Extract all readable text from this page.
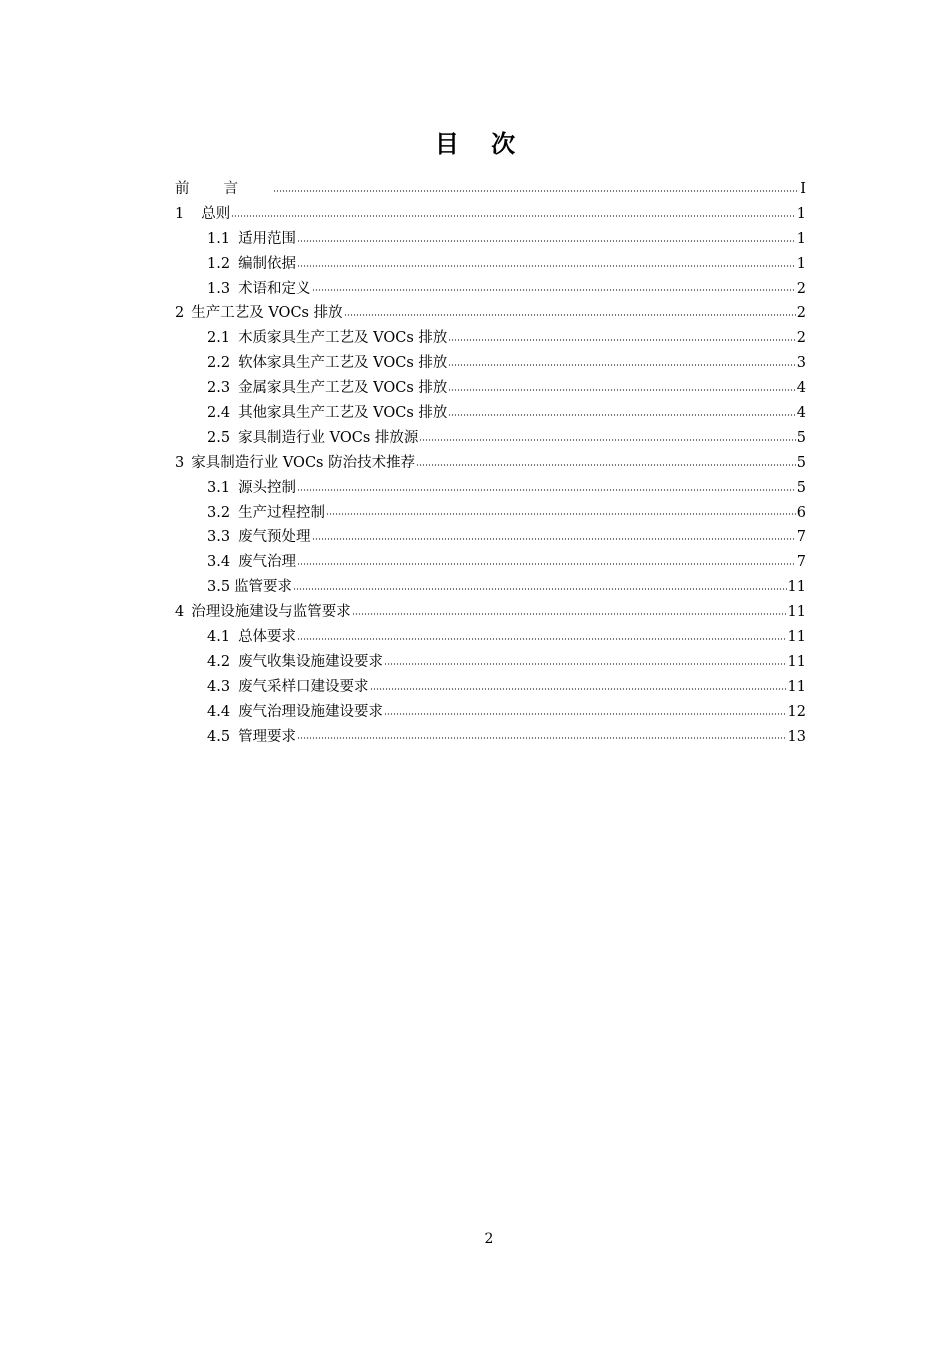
目 次
前言	I
1 总则	1
1.1 适用范围	1
1.2 编制依据	1
1.3 术语和定义	2
2 生产工艺及 VOCs 排放	2
2.1 木质家具生产工艺及 VOCs 排放	2
2.2 软体家具生产工艺及 VOCs 排放	3
2.3 金属家具生产工艺及 VOCs 排放	4
2.4 其他家具生产工艺及 VOCs 排放	4
2.5 家具制造行业 VOCs 排放源	5
3 家具制造行业 VOCs 防治技术推荐	5
3.1 源头控制	5
3.2 生产过程控制	6
3.3 废气预处理	7
3.4 废气治理	7
3.5 监管要求	11
4 治理设施建设与监管要求	11
4.1 总体要求	11
4.2 废气收集设施建设要求	11
4.3 废气采样口建设要求	11
4.4 废气治理设施建设要求	12
4.5 管理要求	13
2
